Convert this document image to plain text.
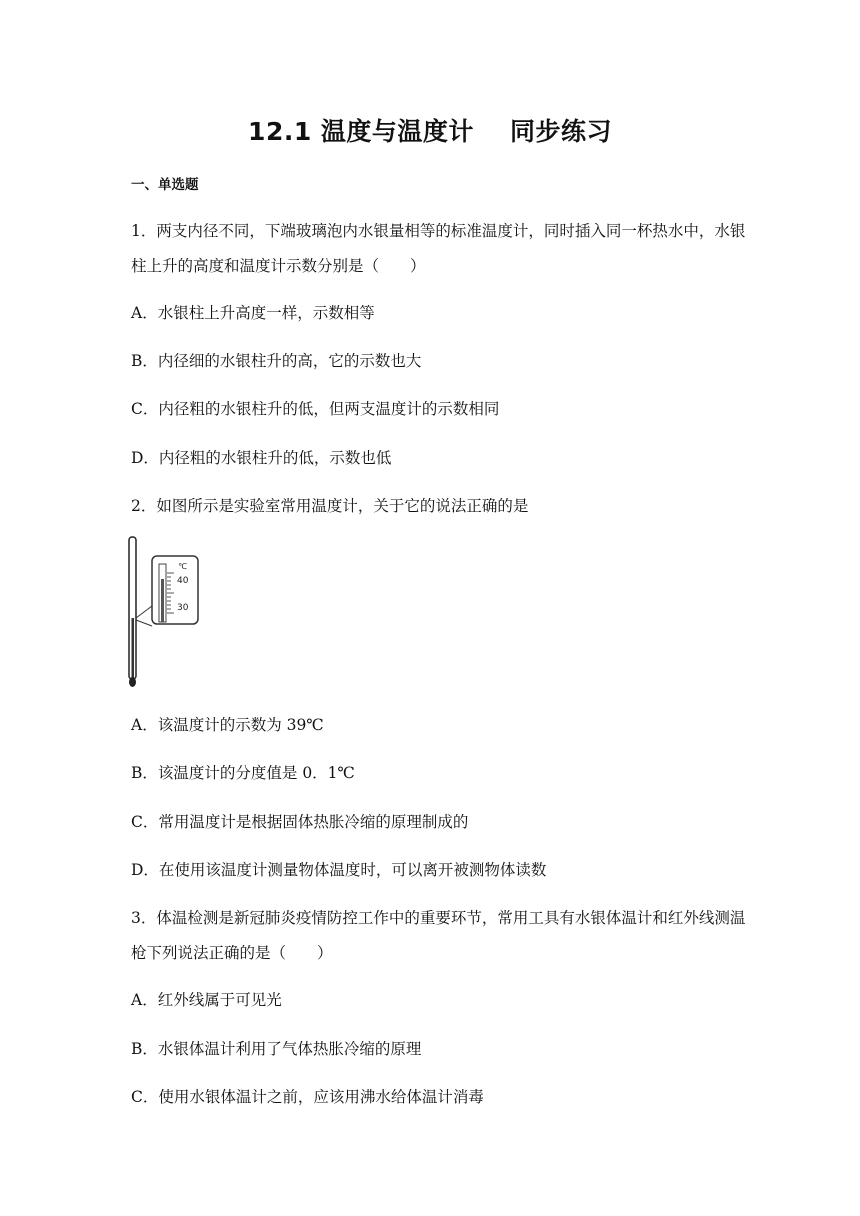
12.1 温度与温度计 同步练习
一、单选题
1．两支内径不同，下端玻璃泡内水银量相等的标准温度计，同时插入同一杯热水中，水银
柱上升的高度和温度计示数分别是（　　）
A．水银柱上升高度一样，示数相等
B．内径细的水银柱升的高，它的示数也大
C．内径粗的水银柱升的低，但两支温度计的示数相同
D．内径粗的水银柱升的低，示数也低
2．如图所示是实验室常用温度计，关于它的说法正确的是
℃
40
30
A．该温度计的示数为 39℃
B．该温度计的分度值是 0．1℃
C．常用温度计是根据固体热胀冷缩的原理制成的
D．在使用该温度计测量物体温度时，可以离开被测物体读数
3．体温检测是新冠肺炎疫情防控工作中的重要环节，常用工具有水银体温计和红外线测温
枪下列说法正确的是（　　）
A．红外线属于可见光
B．水银体温计利用了气体热胀冷缩的原理
C．使用水银体温计之前，应该用沸水给体温计消毒
